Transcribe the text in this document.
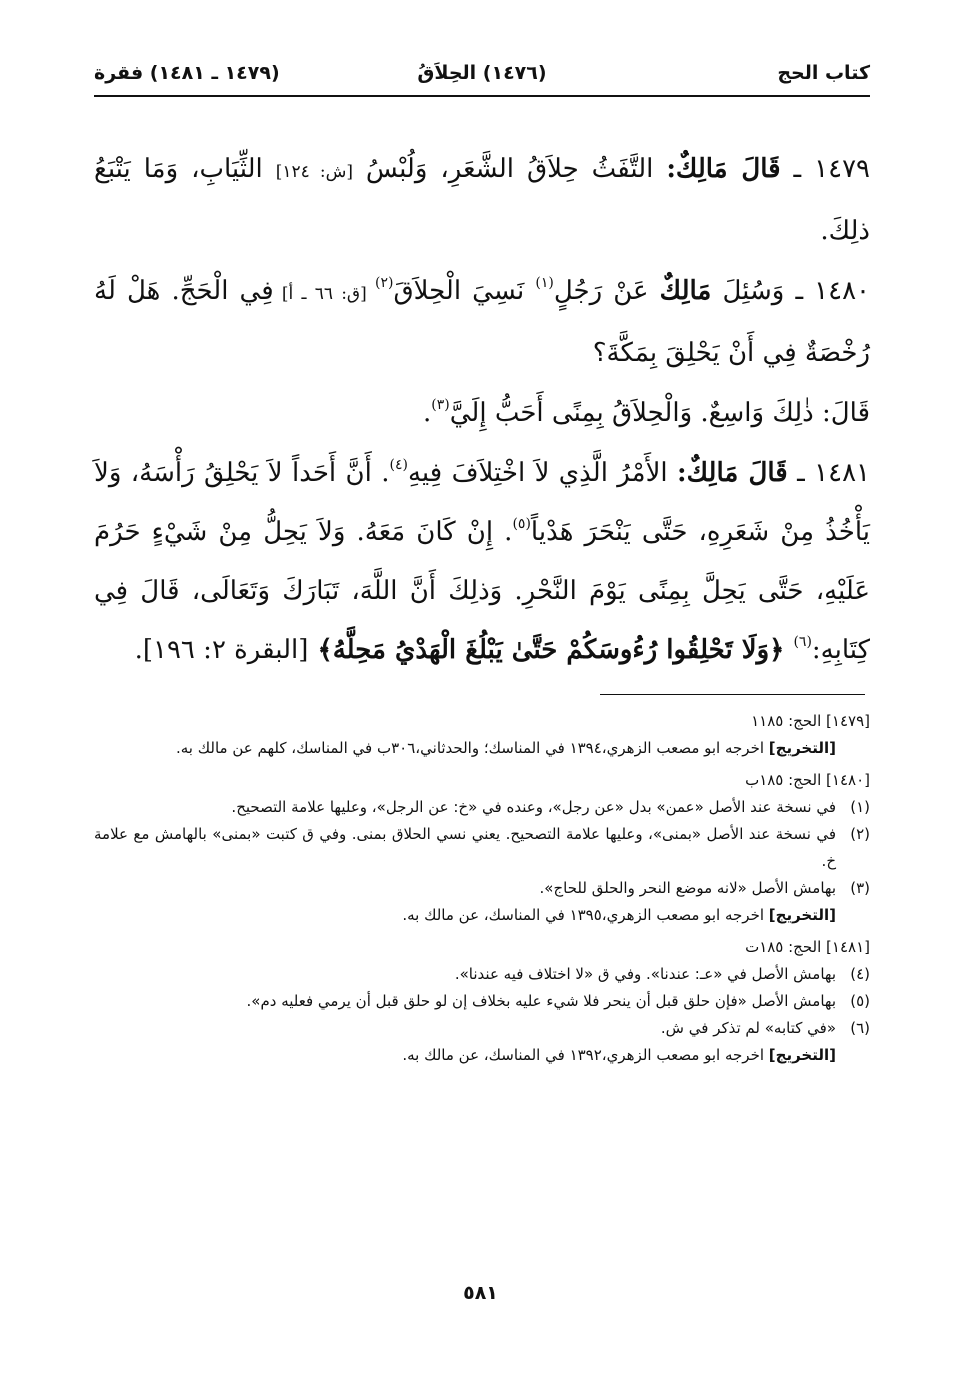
كتاب الحج
(١٤٧٦) الحِلاَقُ
(١٤٧٩ ـ ١٤٨١) فقرة

١٤٧٩ ـ قَالَ مَالِكٌ: التَّفَثُ حِلاَقُ الشَّعَرِ، وَلُبْسُ [ش: ١٢٤] الثِّيَابِ، وَمَا يَتْبَعُ ذلِكَ.

١٤٨٠ ـ وَسُئِلَ مَالِكٌ عَنْ رَجُلٍ$^{(١)}$ نَسِيَ الْحِلاَقَ$^{(٢)}$ [ق: ٦٦ ـ أ] فِي الْحَجِّ. هَلْ لَهُ رُخْصَةٌ فِي أَنْ يَحْلِقَ بِمَكَّةَ؟

قَالَ: ذٰلِكَ وَاسِعٌ. وَالْحِلاَقُ بِمِنًى أَحَبُّ إِلَيَّ$^{(٣)}$.

١٤٨١ ـ قَالَ مَالِكٌ: الأَمْرُ الَّذِي لاَ اخْتِلاَفَ فِيهِ$^{(٤)}$. أَنَّ أَحَداً لاَ يَحْلِقُ رَأْسَهُ، وَلاَ يَأْخُذُ مِنْ شَعَرِهِ، حَتَّى يَنْحَرَ هَدْياً$^{(٥)}$. إِنْ كَانَ مَعَهُ. وَلاَ يَحِلُّ مِنْ شَيْءٍ حَرُمَ عَلَيْهِ، حَتَّى يَحِلَّ بِمِنًى يَوْمَ النَّحْرِ. وَذلِكَ أَنَّ اللَّهَ، تَبَارَكَ وَتَعَالَى، قَالَ فِي كِتَابِهِ:$^{(٦)}$ ﴿وَلَا تَحْلِقُوا رُءُوسَكُمْ حَتَّىٰ يَبْلُغَ الْهَدْيُ مَحِلَّهُ﴾ [البقرة ٢: ١٩٦].

[١٤٧٩] الحج: ١١٨٥

[التخريج] اخرجه ابو مصعب الزهري،١٣٩٤ في المناسك؛ والحدثاني،٣٠٦ب في المناسك، كلهم عن مالك به.

[١٤٨٠] الحج: ١٨٥ب

(١)
في نسخة عند الأصل «عمن» بدل «عن رجل»، وعنده في «خ: عن الرجل»، وعليها علامة التصحيح.

(٢)
في نسخة عند الأصل «بمنى»، وعليها علامة التصحيح. يعني نسي الحلاق بمنى. وفي ق كتبت «بمنى» بالهامش مع علامة خ.

(٣)
بهامش الأصل «لانه موضع النحر والحلق للحاج».

[التخريج] اخرجه ابو مصعب الزهري،١٣٩٥ في المناسك، عن مالك به.

[١٤٨١] الحج: ١٨٥ت

(٤)
بهامش الأصل في «عـ: عندنا». وفي ق «لا اختلاف فيه عندنا».

(٥)
بهامش الأصل «فإن حلق قبل أن ينحر فلا شيء عليه بخلاف إن لو حلق قبل أن يرمي فعليه دم».

(٦)
«في كتابه» لم تذكر في ش.

[التخريج] اخرجه ابو مصعب الزهري،١٣٩٢ في المناسك، عن مالك به.

٥٨١
